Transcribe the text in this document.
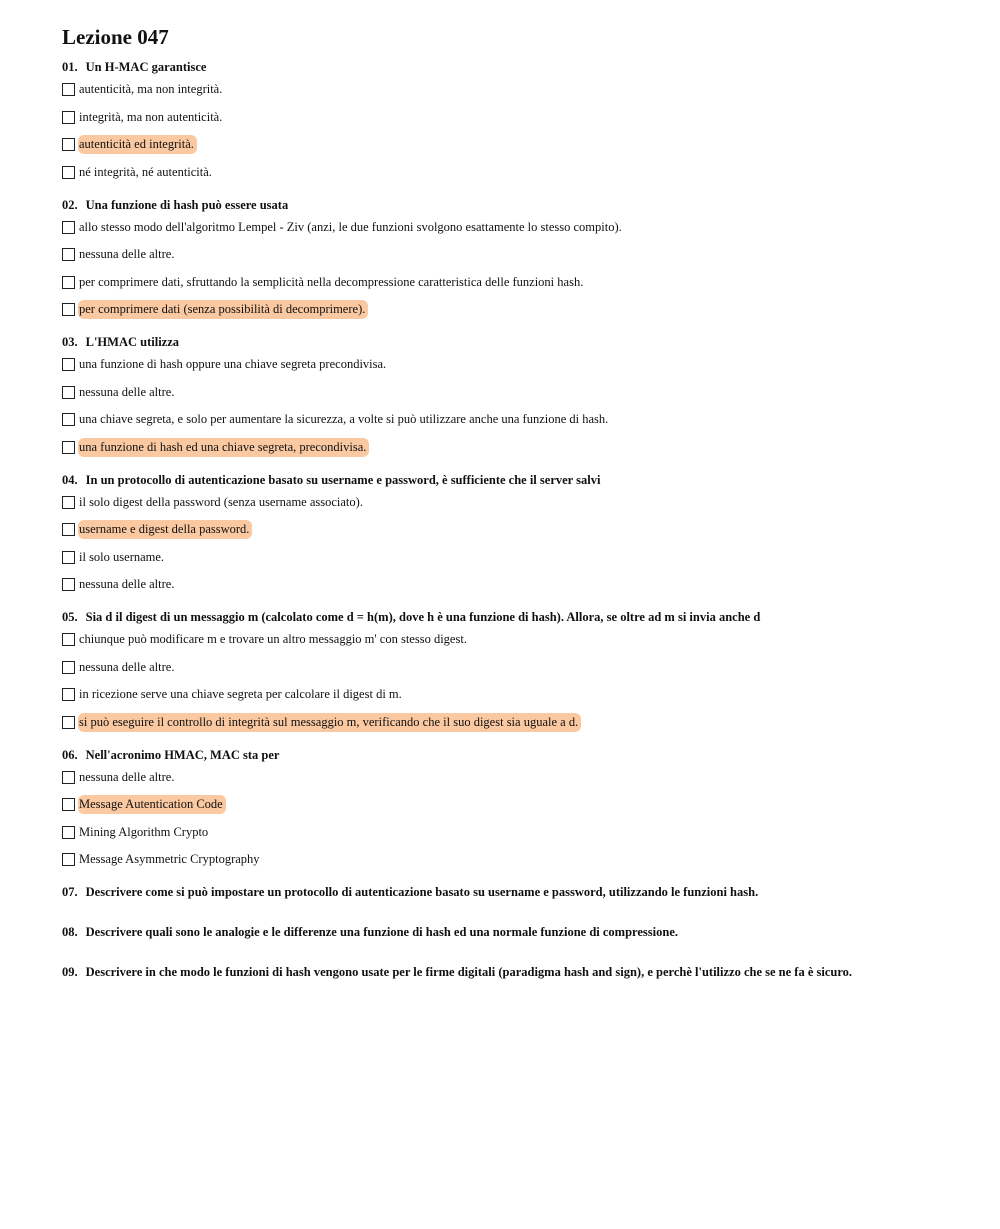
Lezione 047
01. Un H-MAC garantisce
autenticità, ma non integrità.
integrità, ma non autenticità.
autenticità ed integrità.
né integrità, né autenticità.
02. Una funzione di hash può essere usata
allo stesso modo dell'algoritmo Lempel - Ziv (anzi, le due funzioni svolgono esattamente lo stesso compito).
nessuna delle altre.
per comprimere dati, sfruttando la semplicità nella decompressione caratteristica delle funzioni hash.
per comprimere dati (senza possibilità di decomprimere).
03. L'HMAC utilizza
una funzione di hash oppure una chiave segreta precondivisa.
nessuna delle altre.
una chiave segreta, e solo per aumentare la sicurezza, a volte si può utilizzare anche una funzione di hash.
una funzione di hash ed una chiave segreta, precondivisa.
04. In un protocollo di autenticazione basato su username e password, è sufficiente che il server salvi
il solo digest della password (senza username associato).
username e digest della password.
il solo username.
nessuna delle altre.
05. Sia d il digest di un messaggio m (calcolato come d = h(m), dove h è una funzione di hash). Allora, se oltre ad m si invia anche d
chiunque può modificare m e trovare un altro messaggio m' con stesso digest.
nessuna delle altre.
in ricezione serve una chiave segreta per calcolare il digest di m.
si può eseguire il controllo di integrità sul messaggio m, verificando che il suo digest sia uguale a d.
06. Nell'acronimo HMAC, MAC sta per
nessuna delle altre.
Message Autentication Code
Mining Algorithm Crypto
Message Asymmetric Cryptography
07. Descrivere come si può impostare un protocollo di autenticazione basato su username e password, utilizzando le funzioni hash.
08. Descrivere quali sono le analogie e le differenze una funzione di hash ed una normale funzione di compressione.
09. Descrivere in che modo le funzioni di hash vengono usate per le firme digitali (paradigma hash and sign), e perchè l'utilizzo che se ne fa è sicuro.
